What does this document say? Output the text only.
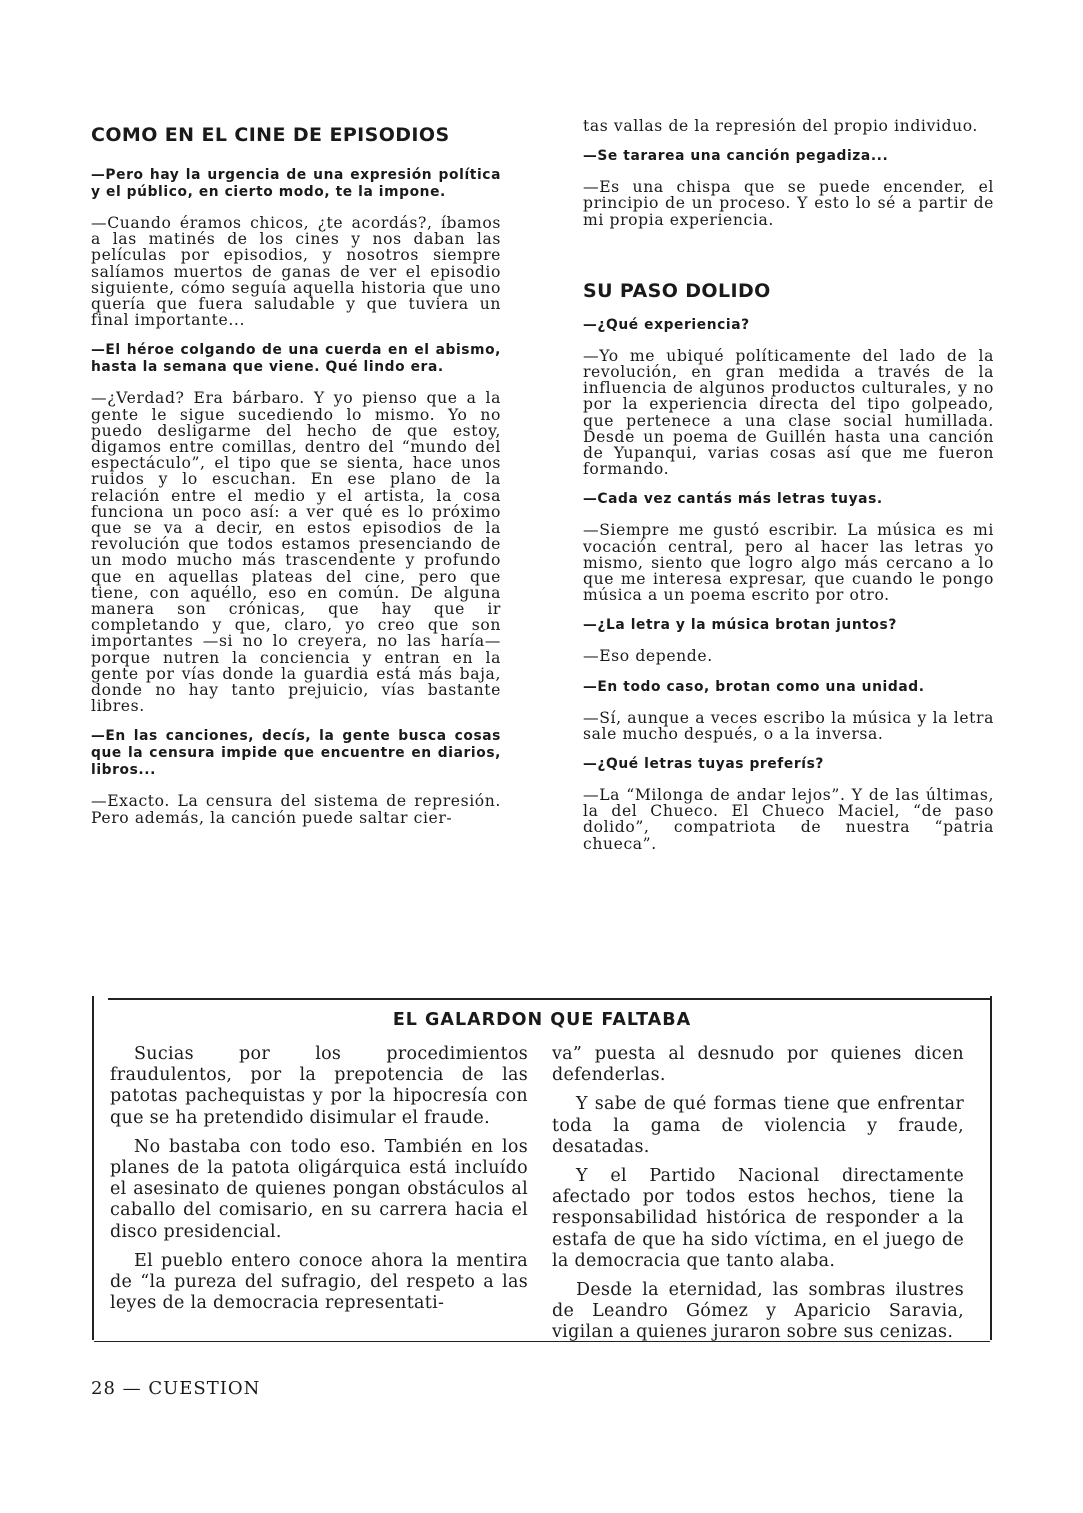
COMO EN EL CINE DE EPISODIOS

—Pero hay la urgencia de una expresión política y el público, en cierto modo, te la impone.

—Cuando éramos chicos, ¿te acordás?, íbamos a las matinés de los cines y nos daban las películas por episodios, y nosotros siempre salíamos muertos de ganas de ver el episodio siguiente, cómo seguía aquella historia que uno quería que fuera saludable y que tuviera un final importante...

—El héroe colgando de una cuerda en el abismo, hasta la semana que viene. Qué lindo era.

—¿Verdad? Era bárbaro. Y yo pienso que a la gente le sigue sucediendo lo mismo. Yo no puedo desligarme del hecho de que estoy, digamos entre comillas, dentro del “mundo del espectáculo”, el tipo que se sienta, hace unos ruidos y lo escuchan. En ese plano de la relación entre el medio y el artista, la cosa funciona un poco así: a ver qué es lo próximo que se va a decir, en estos episodios de la revolución que todos estamos presenciando de un modo mucho más trascendente y profundo que en aquellas plateas del cine, pero que tiene, con aquéllo, eso en común. De alguna manera son crónicas, que hay que ir completando y que, claro, yo creo que son importantes —si no lo creyera, no las haría— porque nutren la conciencia y entran en la gente por vías donde la guardia está más baja, donde no hay tanto prejuicio, vías bastante libres.

—En las canciones, decís, la gente busca cosas que la censura impide que encuentre en diarios, libros...

—Exacto. La censura del sistema de represión. Pero además, la canción puede saltar cier-

tas vallas de la represión del propio individuo.

—Se tararea una canción pegadiza...

—Es una chispa que se puede encender, el principio de un proceso. Y esto lo sé a partir de mi propia experiencia.

SU PASO DOLIDO

—¿Qué experiencia?

—Yo me ubiqué políticamente del lado de la revolución, en gran medida a través de la influencia de algunos productos culturales, y no por la experiencia directa del tipo golpeado, que pertenece a una clase social humillada. Desde un poema de Guillén hasta una canción de Yupanqui, varias cosas así que me fueron formando.

—Cada vez cantás más letras tuyas.

—Siempre me gustó escribir. La música es mi vocación central, pero al hacer las letras yo mismo, siento que logro algo más cercano a lo que me interesa expresar, que cuando le pongo música a un poema escrito por otro.

—¿La letra y la música brotan juntos?

—Eso depende.

—En todo caso, brotan como una unidad.

—Sí, aunque a veces escribo la música y la letra sale mucho después, o a la inversa.

—¿Qué letras tuyas preferís?

—La “Milonga de andar lejos”. Y de las últimas, la del Chueco. El Chueco Maciel, “de paso dolido”, compatriota de nuestra “patria chueca”.

EL GALARDON QUE FALTABA

Sucias por los procedimientos fraudulentos, por la prepotencia de las patotas pachequistas y por la hipocresía con que se ha pretendido disimular el fraude.

No bastaba con todo eso. También en los planes de la patota oligárquica está incluído el asesinato de quienes pongan obstáculos al caballo del comisario, en su carrera hacia el disco presidencial.

El pueblo entero conoce ahora la mentira de “la pureza del sufragio, del respeto a las leyes de la democracia representati-

va” puesta al desnudo por quienes dicen defenderlas.

Y sabe de qué formas tiene que enfrentar toda la gama de violencia y fraude, desatadas.

Y el Partido Nacional directamente afectado por todos estos hechos, tiene la responsabilidad histórica de responder a la estafa de que ha sido víctima, en el juego de la democracia que tanto alaba.

Desde la eternidad, las sombras ilustres de Leandro Gómez y Aparicio Saravia, vigilan a quienes juraron sobre sus cenizas.

28 — CUESTION
